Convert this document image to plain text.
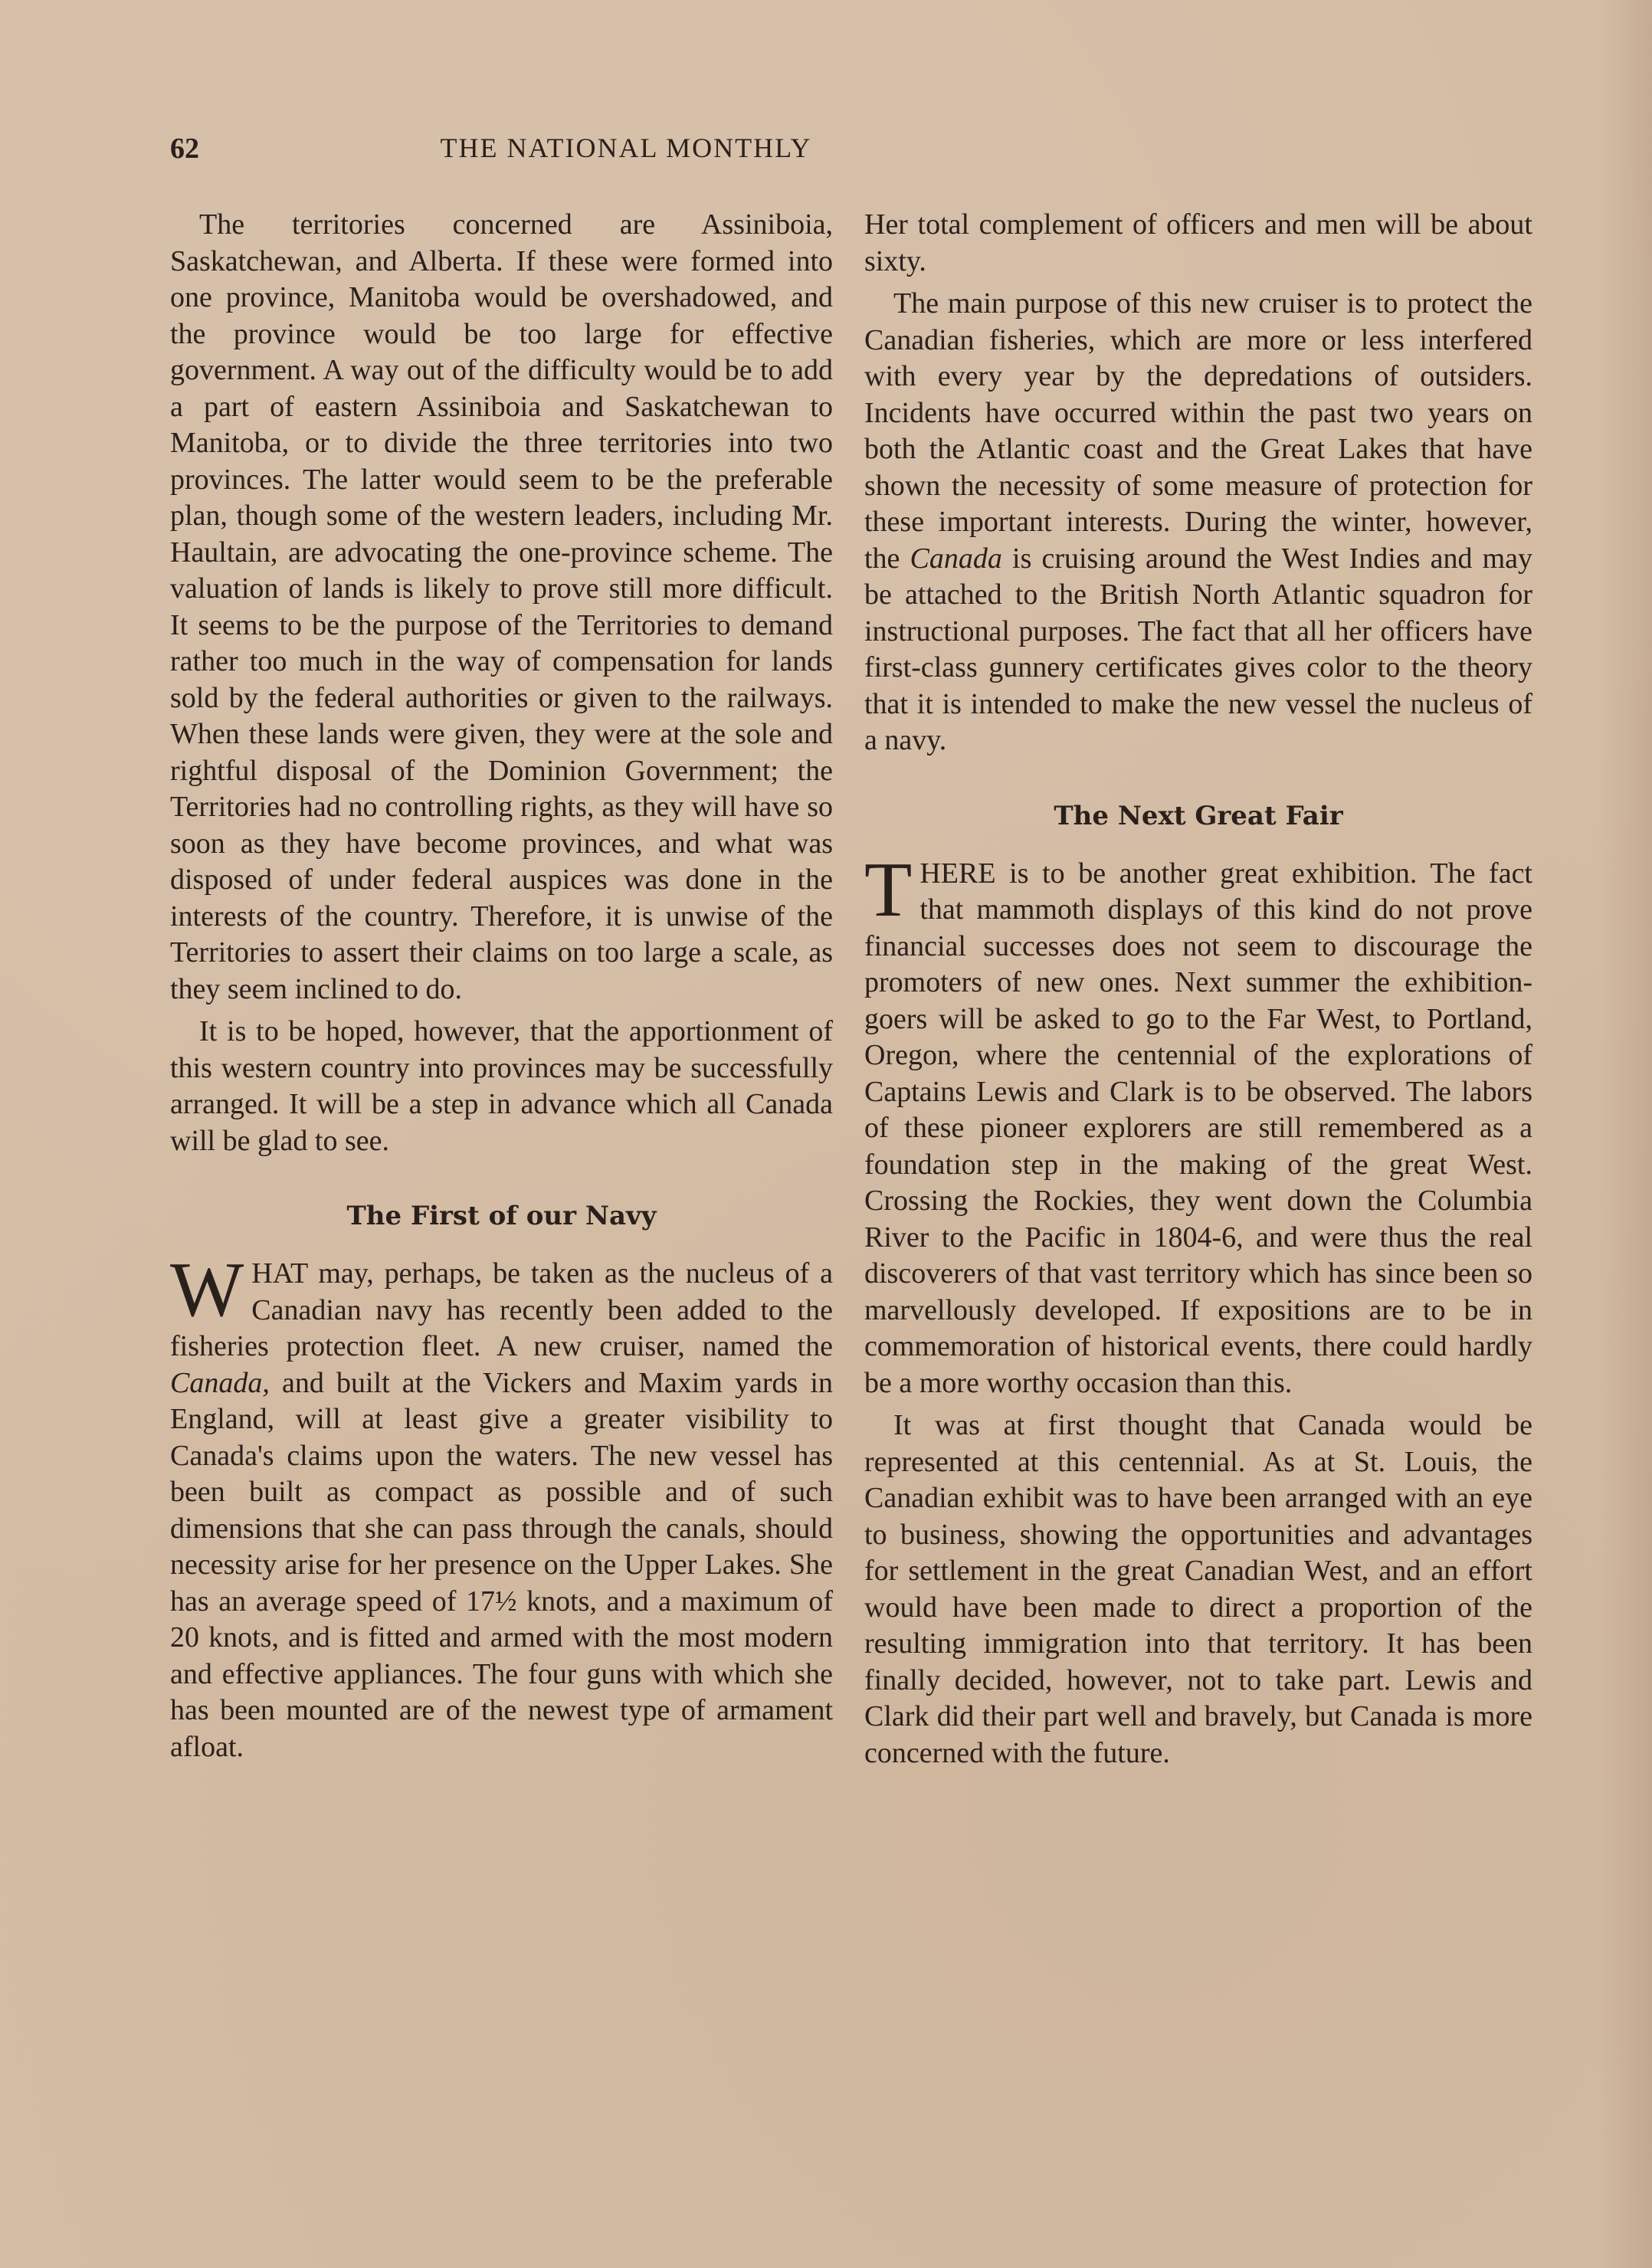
62	THE NATIONAL MONTHLY

The territories concerned are Assiniboia, Saskatchewan, and Alberta. If these were formed into one province, Manitoba would be overshadowed, and the province would be too large for effective government. A way out of the difficulty would be to add a part of eastern Assiniboia and Saskatchewan to Manitoba, or to divide the three territories into two provinces. The latter would seem to be the preferable plan, though some of the western leaders, including Mr. Haultain, are advocating the one-province scheme. The valuation of lands is likely to prove still more difficult. It seems to be the purpose of the Territories to demand rather too much in the way of compensation for lands sold by the federal authorities or given to the railways. When these lands were given, they were at the sole and rightful disposal of the Dominion Government; the Territories had no controlling rights, as they will have so soon as they have become provinces, and what was disposed of under federal auspices was done in the interests of the country. Therefore, it is unwise of the Territories to assert their claims on too large a scale, as they seem inclined to do.

It is to be hoped, however, that the apportionment of this western country into provinces may be successfully arranged. It will be a step in advance which all Canada will be glad to see.

The First of our Navy

WHAT may, perhaps, be taken as the nucleus of a Canadian navy has recently been added to the fisheries protection fleet. A new cruiser, named the Canada, and built at the Vickers and Maxim yards in England, will at least give a greater visibility to Canada's claims upon the waters. The new vessel has been built as compact as possible and of such dimensions that she can pass through the canals, should necessity arise for her presence on the Upper Lakes. She has an average speed of 17½ knots, and a maximum of 20 knots, and is fitted and armed with the most modern and effective appliances. The four guns with which she has been mounted are of the newest type of armament afloat.

Her total complement of officers and men will be about sixty.

The main purpose of this new cruiser is to protect the Canadian fisheries, which are more or less interfered with every year by the depredations of outsiders. Incidents have occurred within the past two years on both the Atlantic coast and the Great Lakes that have shown the necessity of some measure of protection for these important interests. During the winter, however, the Canada is cruising around the West Indies and may be attached to the British North Atlantic squadron for instructional purposes. The fact that all her officers have first-class gunnery certificates gives color to the theory that it is intended to make the new vessel the nucleus of a navy.

The Next Great Fair

THERE is to be another great exhibition. The fact that mammoth displays of this kind do not prove financial successes does not seem to discourage the promoters of new ones. Next summer the exhibition-goers will be asked to go to the Far West, to Portland, Oregon, where the centennial of the explorations of Captains Lewis and Clark is to be observed. The labors of these pioneer explorers are still remembered as a foundation step in the making of the great West. Crossing the Rockies, they went down the Columbia River to the Pacific in 1804-6, and were thus the real discoverers of that vast territory which has since been so marvellously developed. If expositions are to be in commemoration of historical events, there could hardly be a more worthy occasion than this.

It was at first thought that Canada would be represented at this centennial. As at St. Louis, the Canadian exhibit was to have been arranged with an eye to business, showing the opportunities and advantages for settlement in the great Canadian West, and an effort would have been made to direct a proportion of the resulting immigration into that territory. It has been finally decided, however, not to take part. Lewis and Clark did their part well and bravely, but Canada is more concerned with the future.
